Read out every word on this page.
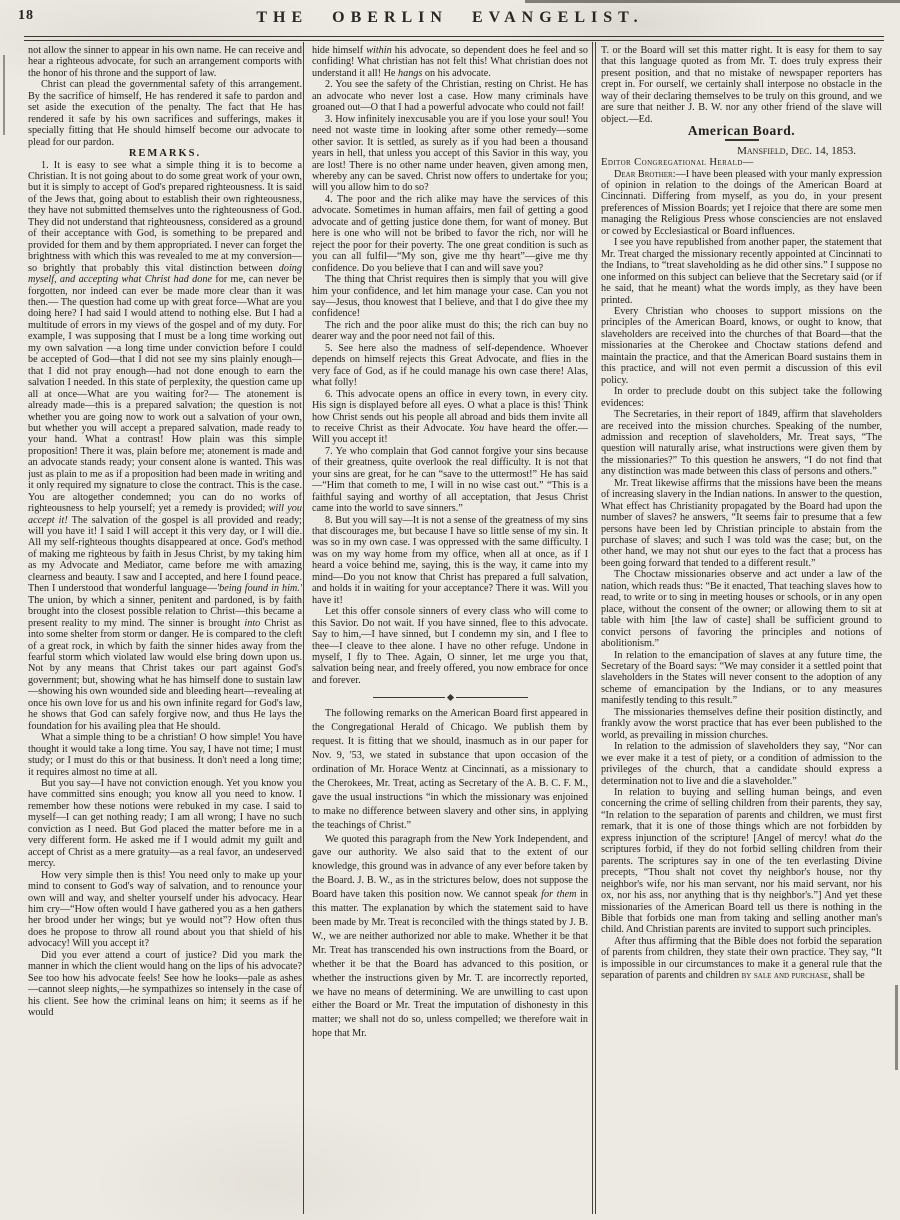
18	THE OBERLIN EVANGELIST.

not allow the sinner to appear in his own name. He can receive and hear a righteous advocate, for such an arrangement comports with the honor of his throne and the support of law.

Christ can plead the governmental safety of this arrangement. By the sacrifice of himself, He has rendered it safe to pardon and set aside the execution of the penalty. The fact that He has rendered it safe by his own sacrifices and sufferings, makes it specially fitting that He should himself become our advocate to plead for our pardon.

REMARKS.

1. It is easy to see what a simple thing it is to become a Christian. It is not going about to do some great work of your own, but it is simply to accept of God's prepared righteousness. It is said of the Jews that, going about to establish their own righteousness, they have not submitted themselves unto the righteousness of God. They did not understand that righteousness, considered as a ground of their acceptance with God, is something to be prepared and provided for them and by them appropriated. I never can forget the brightness with which this was revealed to me at my conversion—so brightly that probably this vital distinction between doing myself, and accepting what Christ had done for me, can never be forgotten, nor indeed can ever be made more clear than it was then.— The question had come up with great force—What are you doing here? I had said I would attend to nothing else. But I had a multitude of errors in my views of the gospel and of my duty. For example, I was supposing that I must be a long time working out my own salvation —a long time under conviction before I could be accepted of God—that I did not see my sins plainly enough—that I did not pray enough—had not done enough to earn the salvation I needed. In this state of perplexity, the question came up all at once—What are you waiting for?— The atonement is already made—this is a prepared salvation; the question is not whether you are going now to work out a salvation of your own, but whether you will accept a prepared salvation, made ready to your hand. What a contrast! How plain was this simple proposition! There it was, plain before me; atonement is made and an advocate stands ready; your consent alone is wanted. This was just as plain to me as if a proposition had been made in writing and it only required my signature to close the contract. This is the case. You are altogether condemned; you can do no works of righteousness to help yourself; yet a remedy is provided; will you accept it! The salvation of the gospel is all provided and ready; will you have it! I said I will accept it this very day, or I will die. All my self-righteous thoughts disappeared at once. God's method of making me righteous by faith in Jesus Christ, by my taking him as my Advocate and Mediator, came before me with amazing clearness and beauty. I saw and I accepted, and here I found peace. Then I understood that wonderful language—'being found in him.' The union, by which a sinner, penitent and pardoned, is by faith brought into the closest possible relation to Christ—this became a present reality to my mind. The sinner is brought into Christ as into some shelter from storm or danger. He is compared to the cleft of a great rock, in which by faith the sinner hides away from the fearful storm which violated law would else bring down upon us. Not by any means that Christ takes our part against God's government; but, showing what he has himself done to sustain law—showing his own wounded side and bleeding heart—revealing at once his own love for us and his own infinite regard for God's law, he shows that God can safely forgive now, and thus He lays the foundation for his availing plea that He should.

What a simple thing to be a christian! O how simple! You have thought it would take a long time. You say, I have not time; I must study; or I must do this or that business. It don't need a long time; it requires almost no time at all.

But you say—I have not conviction enough. Yet you know you have committed sins enough; you know all you need to know. I remember how these notions were rebuked in my case. I said to myself—I can get nothing ready; I am all wrong; I have no such conviction as I need. But God placed the matter before me in a very different form. He asked me if I would admit my guilt and accept of Christ as a mere gratuity—as a real favor, an undeserved mercy.

How very simple then is this! You need only to make up your mind to consent to God's way of salvation, and to renounce your own will and way, and shelter yourself under his advocacy. Hear him cry—“How often would I have gathered you as a hen gathers her brood under her wings; but ye would not”? How often thus does he propose to throw all round about you that shield of his advocacy! Will you accept it?

Did you ever attend a court of justice? Did you mark the manner in which the client would hang on the lips of his advocate? See too how his advocate feels! See how he looks—pale as ashes—cannot sleep nights,—he sympathizes so intensely in the case of his client. See how the criminal leans on him; it seems as if he would

hide himself within his advocate, so dependent does he feel and so confiding! What christian has not felt this! What christian does not understand it all! He hangs on his advocate.

2. You see the safety of the Christian, resting on Christ. He has an advocate who never lost a case. How many criminals have groaned out—O that I had a powerful advocate who could not fail!

3. How infinitely inexcusable you are if you lose your soul! You need not waste time in looking after some other remedy—some other savior. It is settled, as surely as if you had been a thousand years in hell, that unless you accept of this Savior in this way, you are lost! There is no other name under heaven, given among men, whereby any can be saved. Christ now offers to undertake for you; will you allow him to do so?

4. The poor and the rich alike may have the services of this advocate. Sometimes in human affairs, men fail of getting a good advocate and of getting justice done them, for want of money. But here is one who will not be bribed to favor the rich, nor will he reject the poor for their poverty. The one great condition is such as you can all fulfil—“My son, give me thy heart”—give me thy confidence. Do you believe that I can and will save you?

The thing that Christ requires then is simply that you will give him your confidence, and let him manage your case. Can you not say—Jesus, thou knowest that I believe, and that I do give thee my confidence!

The rich and the poor alike must do this; the rich can buy no dearer way and the poor need not fail of this.

5. See here also the madness of self-dependence. Whoever depends on himself rejects this Great Advocate, and flies in the very face of God, as if he could manage his own case there! Alas, what folly!

6. This advocate opens an office in every town, in every city. His sign is displayed before all eyes. O what a place is this! Think how Christ sends out his people all abroad and bids them invite all to receive Christ as their Advocate. You have heard the offer.— Will you accept it!

7. Ye who complain that God cannot forgive your sins because of their greatness, quite overlook the real difficulty. It is not that your sins are great, for he can “save to the uttermost!” He has said—“Him that cometh to me, I will in no wise cast out.” “This is a faithful saying and worthy of all acceptation, that Jesus Christ came into the world to save sinners.”

8. But you will say—It is not a sense of the greatness of my sins that discourages me, but because I have so little sense of my sin. It was so in my own case. I was oppressed with the same difficulty. I was on my way home from my office, when all at once, as if I heard a voice behind me, saying, this is the way, it came into my mind—Do you not know that Christ has prepared a full salvation, and holds it in waiting for your acceptance? There it was. Will you have it!

Let this offer console sinners of every class who will come to this Savior. Do not wait. If you have sinned, flee to this advocate. Say to him,—I have sinned, but I condemn my sin, and I flee to thee—I cleave to thee alone. I have no other refuge. Undone in myself, I fly to Thee. Again, O sinner, let me urge you that, salvation being near, and freely offered, you now embrace for once and forever.

The following remarks on the American Board first appeared in the Congregational Herald of Chicago. We publish them by request. It is fitting that we should, inasmuch as in our paper for Nov. 9, '53, we stated in substance that upon occasion of the ordination of Mr. Horace Wentz at Cincinnati, as a missionary to the Cherokees, Mr. Treat, acting as Secretary of the A. B. C. F. M., gave the usual instructions “in which the missionary was enjoined to make no difference between slavery and other sins, in applying the teachings of Christ.”

We quoted this paragraph from the New York Independent, and gave our authority. We also said that to the extent of our knowledge, this ground was in advance of any ever before taken by the Board. J. B. W., as in the strictures below, does not suppose the Board have taken this position now. We cannot speak for them in this matter. The explanation by which the statement said to have been made by Mr. Treat is reconciled with the things stated by J. B. W., we are neither authorized nor able to make. Whether it be that Mr. Treat has transcended his own instructions from the Board, or whether it be that the Board has advanced to this position, or whether the instructions given by Mr. T. are incorrectly reported, we have no means of determining. We are unwilling to cast upon either the Board or Mr. Treat the imputation of dishonesty in this matter; we shall not do so, unless compelled; we therefore wait in hope that Mr.

T. or the Board will set this matter right. It is easy for them to say that this language quoted as from Mr. T. does truly express their present position, and that no mistake of newspaper reporters has crept in. For ourself, we certainly shall interpose no obstacle in the way of their declaring themselves to be truly on this ground, and we are sure that neither J. B. W. nor any other friend of the slave will object.—Ed.

American Board.

Mansfield, Dec. 14, 1853.

Editor Congregational Herald—

Dear Brother:—I have been pleased with your manly expression of opinion in relation to the doings of the American Board at Cincinnati. Differing from myself, as you do, in your present preferences of Mission Boards; yet I rejoice that there are some men managing the Religious Press whose consciencies are not enslaved or cowed by Ecclesiastical or Board influences.

I see you have republished from another paper, the statement that Mr. Treat charged the missionary recently appointed at Cincinnati to the Indians, to “treat slaveholding as he did other sins.” I suppose no one informed on this subject can believe that the Secretary said (or if he said, that he meant) what the words imply, as they have been printed.

Every Christian who chooses to support missions on the principles of the American Board, knows, or ought to know, that slaveholders are received into the churches of that Board—that the missionaries at the Cherokee and Choctaw stations defend and maintain the practice, and that the American Board sustains them in this practice, and will not even permit a discussion of this evil policy.

In order to preclude doubt on this subject take the following evidences:

The Secretaries, in their report of 1849, affirm that slaveholders are received into the mission churches. Speaking of the number, admission and reception of slaveholders, Mr. Treat says, “The question will naturally arise, what instructions were given them by the missionaries?” To this question he answers, “I do not find that any distinction was made between this class of persons and others.”

Mr. Treat likewise affirms that the missions have been the means of increasing slavery in the Indian nations. In answer to the question, What effect has Christianity propagated by the Board had upon the number of slaves? he answers, “It seems fair to presume that a few persons have been led by Christian principle to abstain from the purchase of slaves; and such I was told was the case; but, on the other hand, we may not shut our eyes to the fact that a process has been going forward that tended to a different result.”

The Choctaw missionaries observe and act under a law of the nation, which reads thus: “Be it enacted, That teaching slaves how to read, to write or to sing in meeting houses or schools, or in any open place, without the consent of the owner; or allowing them to sit at table with him [the law of caste] shall be sufficient ground to convict persons of favoring the principles and notions of abolitionism.”

In relation to the emancipation of slaves at any future time, the Secretary of the Board says: “We may consider it a settled point that slaveholders in the States will never consent to the adoption of any scheme of emancipation by the Indians, or to any measures manifestly tending to this result.”

The missionaries themselves define their position distinctly, and frankly avow the worst practice that has ever been published to the world, as prevailing in mission churches.

In relation to the admission of slaveholders they say, “Nor can we ever make it a test of piety, or a condition of admission to the privileges of the church, that a candidate should express a determination not to live and die a slaveholder.”

In relation to buying and selling human beings, and even concerning the crime of selling children from their parents, they say, “In relation to the separation of parents and children, we must first remark, that it is one of those things which are not forbidden by express injunction of the scripture! [Angel of mercy! what do the scriptures forbid, if they do not forbid selling children from their parents. The scriptures say in one of the ten everlasting Divine precepts, “Thou shalt not covet thy neighbor's house, nor thy neighbor's wife, nor his man servant, nor his maid servant, nor his ox, nor his ass, nor anything that is thy neighbor's.”] And yet these missionaries of the American Board tell us there is nothing in the Bible that forbids one man from taking and selling another man's child. And Christian parents are invited to support such principles.

After thus affirming that the Bible does not forbid the separation of parents from children, they state their own practice. They say, “It is impossible in our circumstances to make it a general rule that the separation of parents and children by sale and purchase, shall be
